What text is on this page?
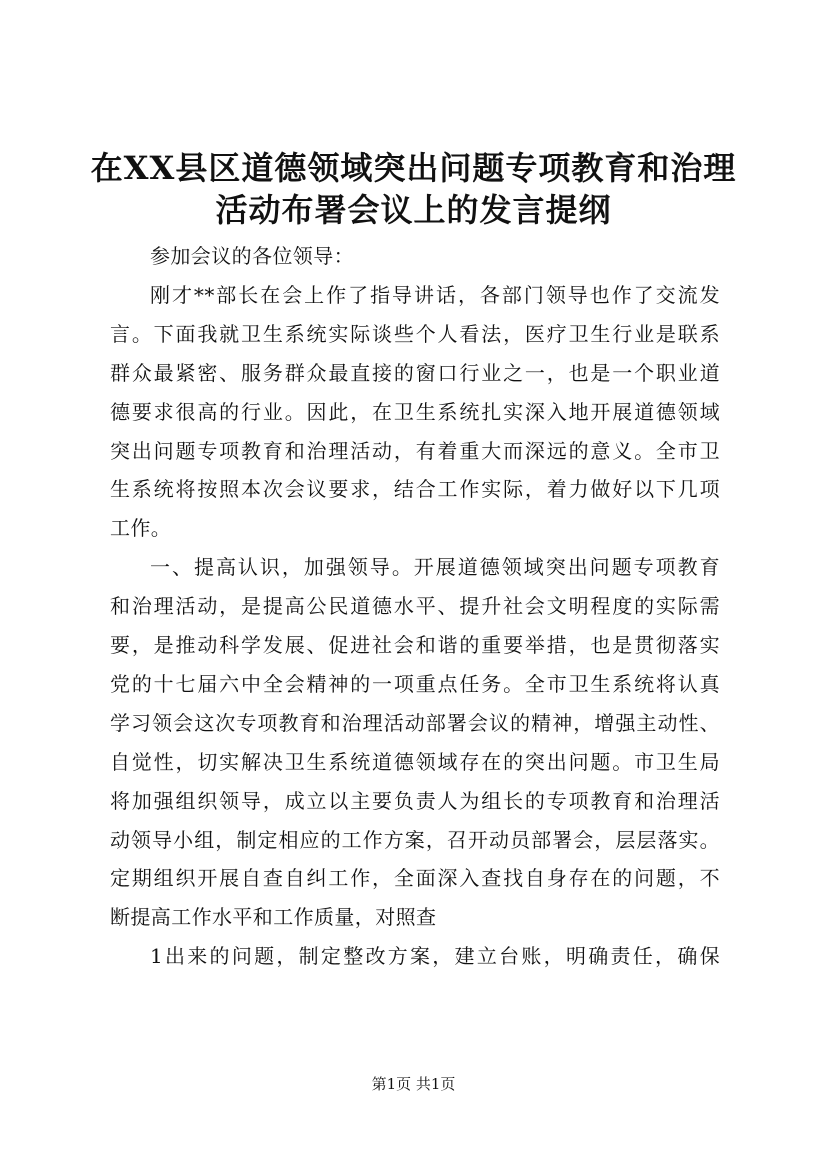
在XX县区道德领域突出问题专项教育和治理
活动布署会议上的发言提纲
参加会议的各位领导：
刚才**部长在会上作了指导讲话，各部门领导也作了交流发
言。下面我就卫生系统实际谈些个人看法，医疗卫生行业是联系
群众最紧密、服务群众最直接的窗口行业之一，也是一个职业道
德要求很高的行业。因此，在卫生系统扎实深入地开展道德领域
突出问题专项教育和治理活动，有着重大而深远的意义。全市卫
生系统将按照本次会议要求，结合工作实际，着力做好以下几项
工作。
一、提高认识，加强领导。开展道德领域突出问题专项教育
和治理活动，是提高公民道德水平、提升社会文明程度的实际需
要，是推动科学发展、促进社会和谐的重要举措，也是贯彻落实
党的十七届六中全会精神的一项重点任务。全市卫生系统将认真
学习领会这次专项教育和治理活动部署会议的精神，增强主动性、
自觉性，切实解决卫生系统道德领域存在的突出问题。市卫生局
将加强组织领导，成立以主要负责人为组长的专项教育和治理活
动领导小组，制定相应的工作方案，召开动员部署会，层层落实。
定期组织开展自查自纠工作，全面深入查找自身存在的问题，不
断提高工作水平和工作质量，对照查
1出来的问题，制定整改方案，建立台账，明确责任，确保
第1页 共1页
